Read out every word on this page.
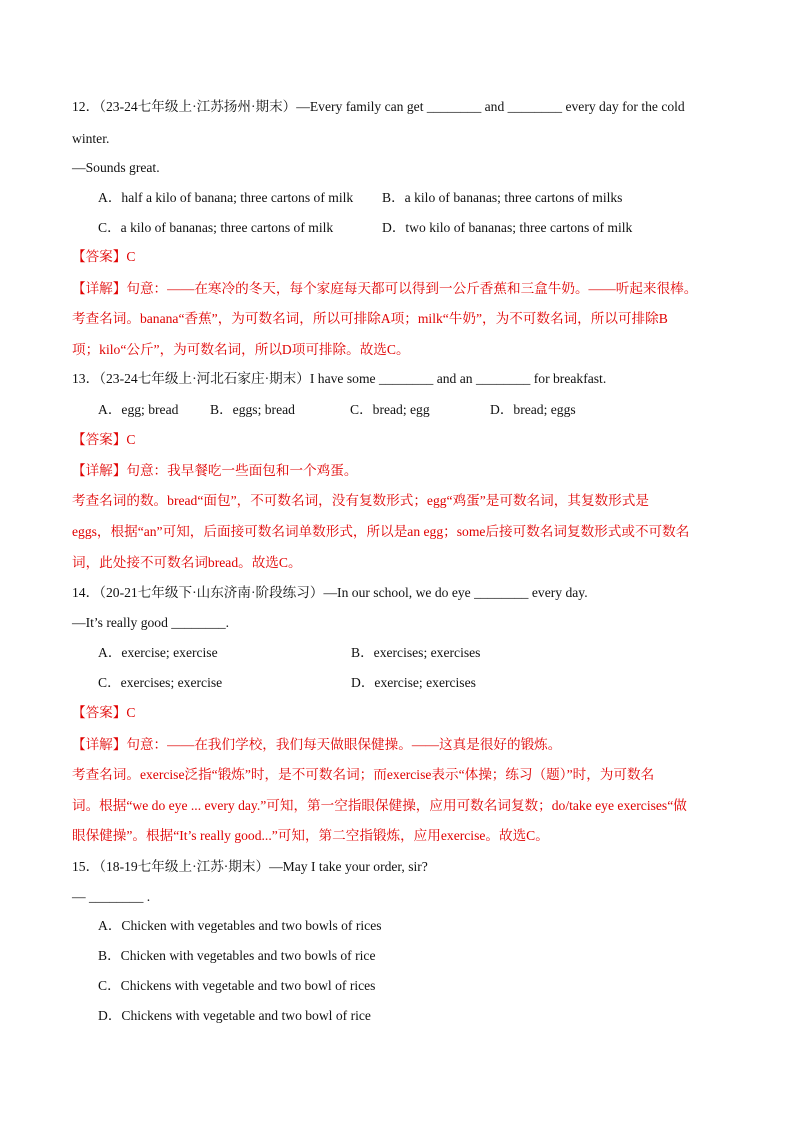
12．（23-24七年级上·江苏扬州·期末）—Every family can get ________ and ________ every day for the cold
winter.
—Sounds great.
A．half a kilo of banana; three cartons of milk B．a kilo of bananas; three cartons of milks
C．a kilo of bananas; three cartons of milk	D．two kilo of bananas; three cartons of milk
【答案】C
【详解】句意：——在寒冷的冬天，每个家庭每天都可以得到一公斤香蕉和三盒牛奶。——听起来很棒。
考查名词。banana“香蕉”，为可数名词，所以可排除A项；milk“牛奶”，为不可数名词，所以可排除B
项；kilo“公斤”，为可数名词，所以D项可排除。故选C。
13．（23-24七年级上·河北石家庄·期末）I have some ________ and an ________ for breakfast.
A．egg; bread B．eggs; bread	C．bread; egg	D．bread; eggs
【答案】C
【详解】句意：我早餐吃一些面包和一个鸡蛋。
考查名词的数。bread“面包”，不可数名词，没有复数形式；egg“鸡蛋”是可数名词，其复数形式是
eggs，根据“an”可知，后面接可数名词单数形式，所以是an egg；some后接可数名词复数形式或不可数名
词，此处接不可数名词bread。故选C。
14．（20-21七年级下·山东济南·阶段练习）—In our school, we do eye ________ every day.
—It’s really good ________.
A．exercise; exercise	B．exercises; exercises
C．exercises; exercise	D．exercise; exercises
【答案】C
【详解】句意：——在我们学校，我们每天做眼保健操。——这真是很好的锻炼。
考查名词。exercise泛指“锻炼”时，是不可数名词；而exercise表示“体操；练习（题）”时，为可数名
词。根据“we do eye ... every day.”可知，第一空指眼保健操，应用可数名词复数；do/take eye exercises“做
眼保健操”。根据“It’s really good...”可知，第二空指锻炼，应用exercise。故选C。
15．（18-19七年级上·江苏·期末）—May I take your order, sir?
— ________ .
A．Chicken with vegetables and two bowls of rices
B．Chicken with vegetables and two bowls of rice
C．Chickens with vegetable and two bowl of rices
D．Chickens with vegetable and two bowl of rice
